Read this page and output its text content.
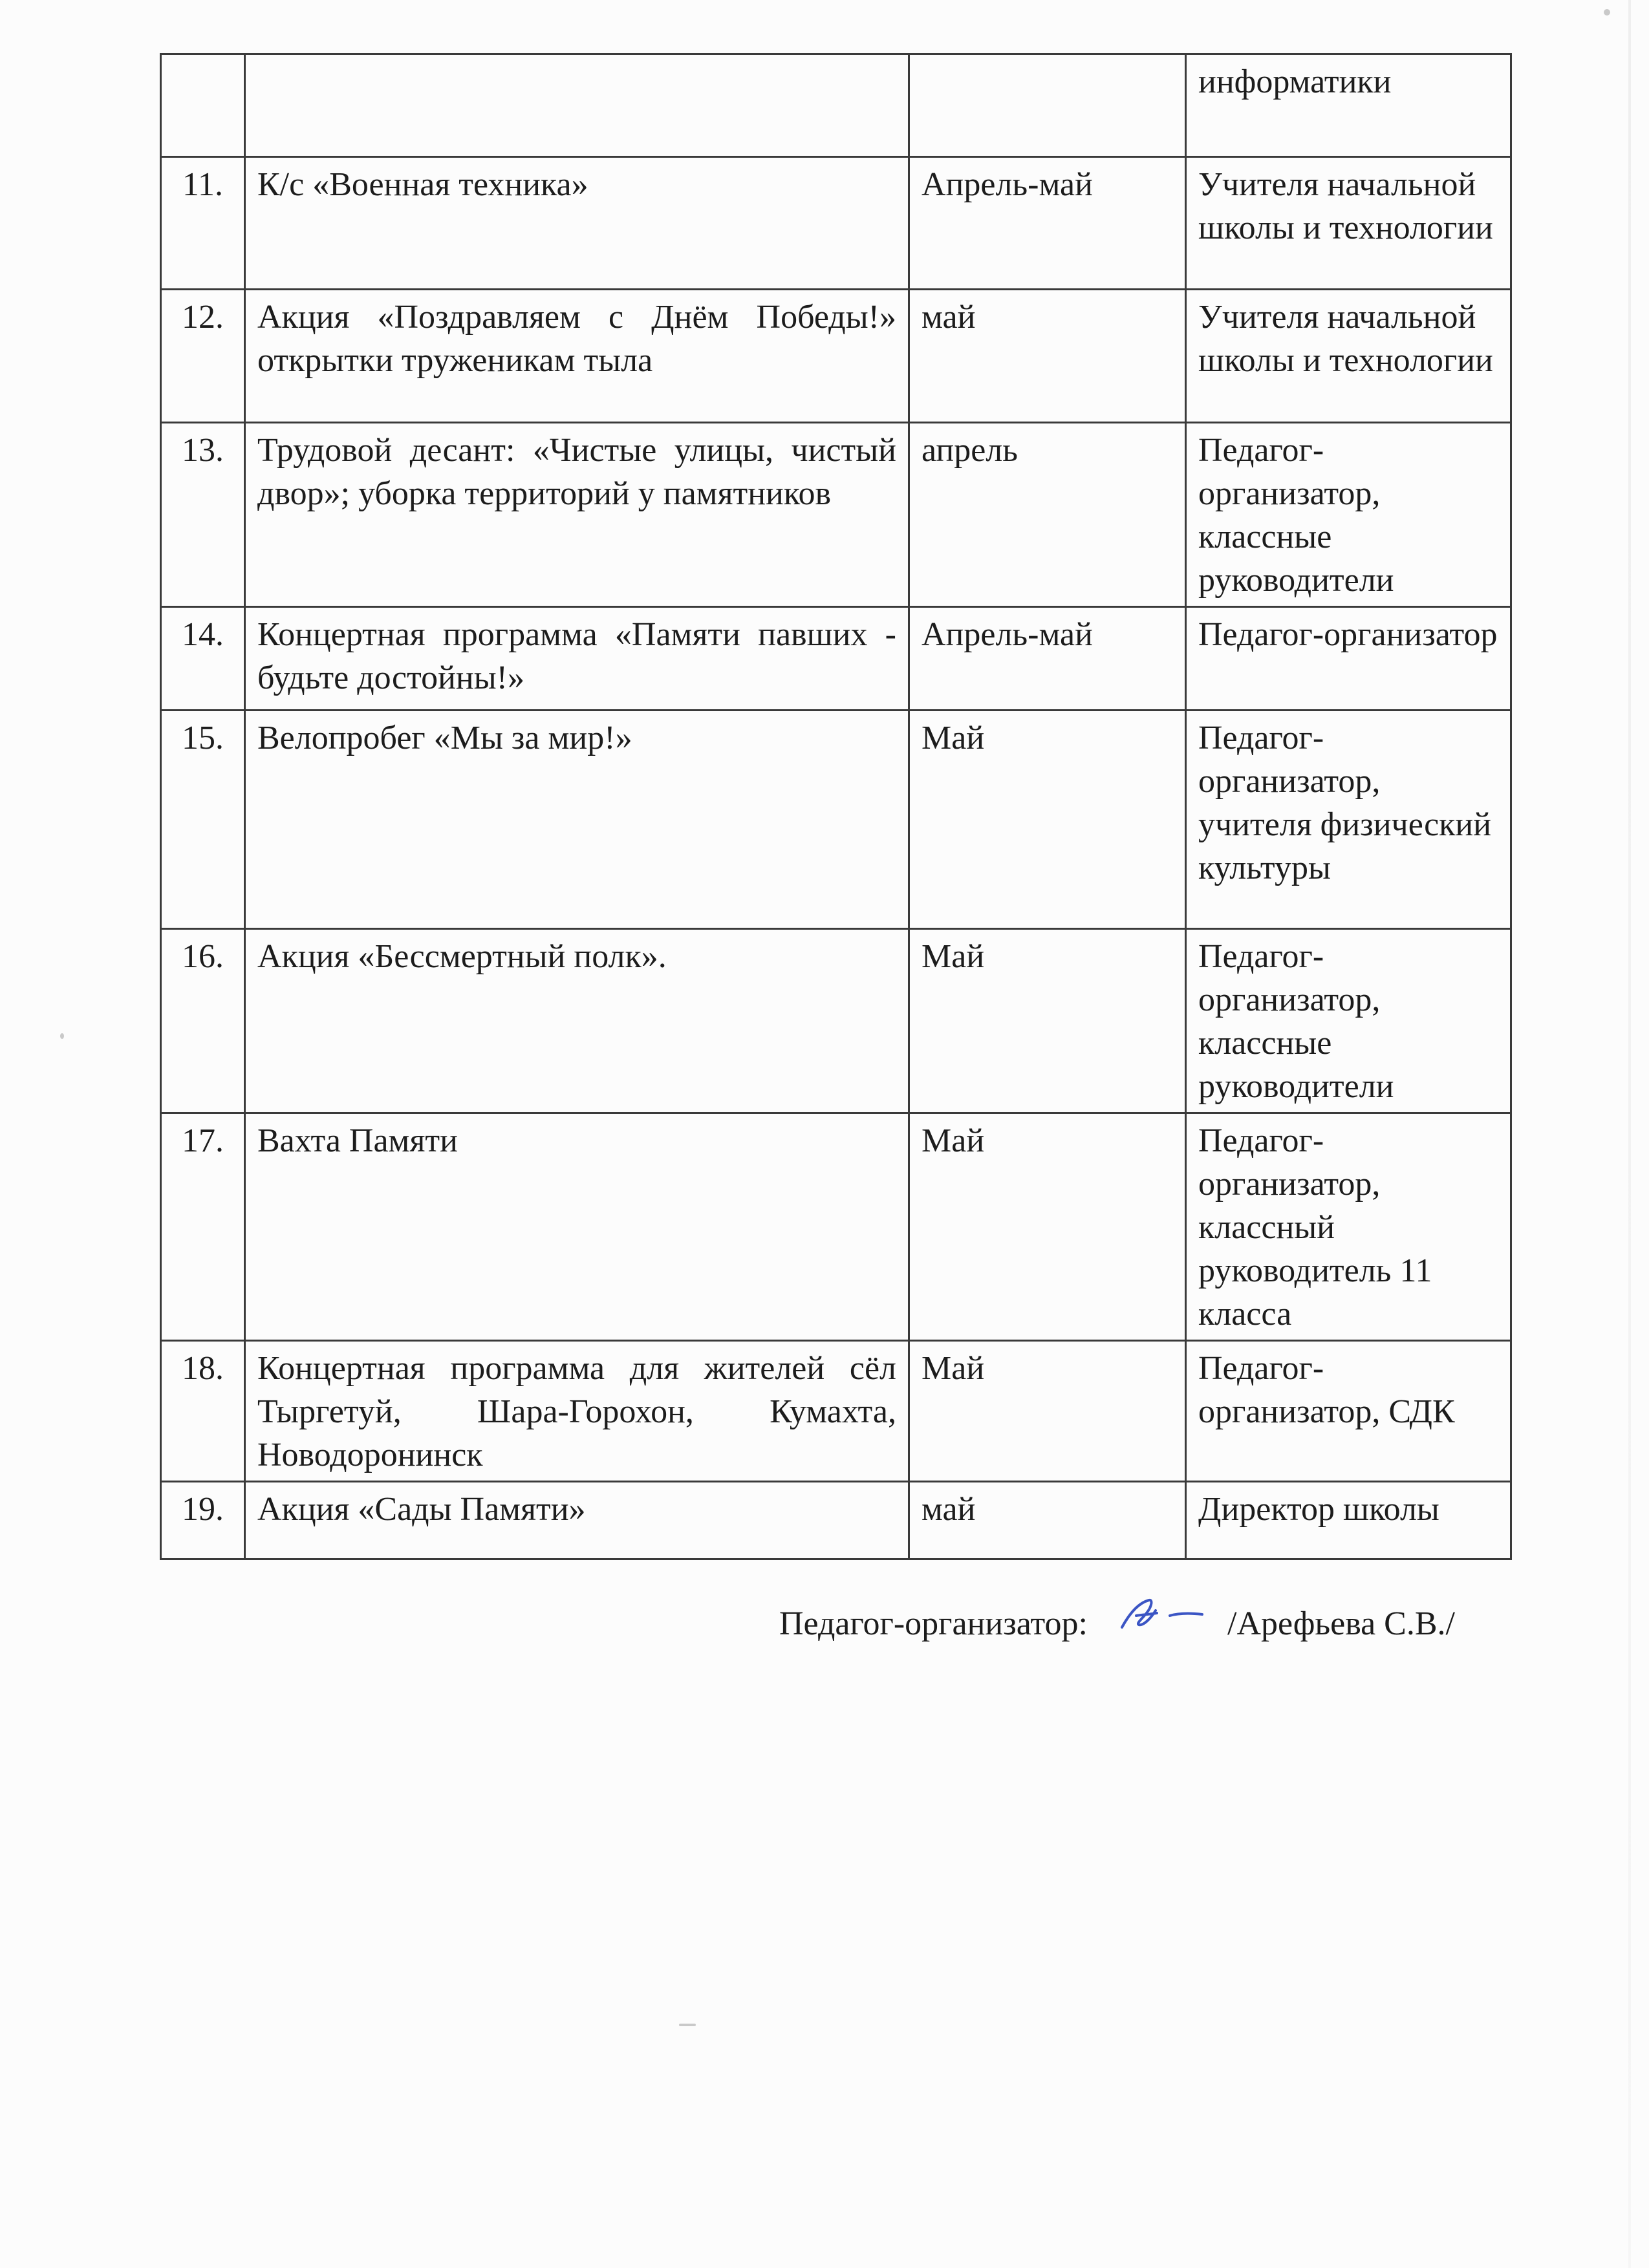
			информатики
11.	К/с «Военная техника»	Апрель-май	Учителя начальной школы и технологии
12.	Акция «Поздравляем с Днём Победы!» открытки труженикам тыла	май	Учителя начальной школы и технологии
13.	Трудовой десант: «Чистые улицы, чистый двор»; уборка территорий у памятников	апрель	Педагог-организатор, классные руководители
14.	Концертная программа «Памяти павших - будьте достойны!»	Апрель-май	Педагог-организатор
15.	Велопробег «Мы за мир!»	Май	Педагог-организатор, учителя физический культуры
16.	Акция «Бессмертный полк».	Май	Педагог-организатор, классные руководители
17.	Вахта Памяти	Май	Педагог-организатор, классный руководитель 11 класса
18.	Концертная программа для жителей сёл Тыргетуй, Шара-Горохон, Кумахта, Новодоронинск	Май	Педагог-организатор, СДК
19.	Акция «Сады Памяти»	май	Директор школы
Педагог-организатор:	/Арефьева С.В./
